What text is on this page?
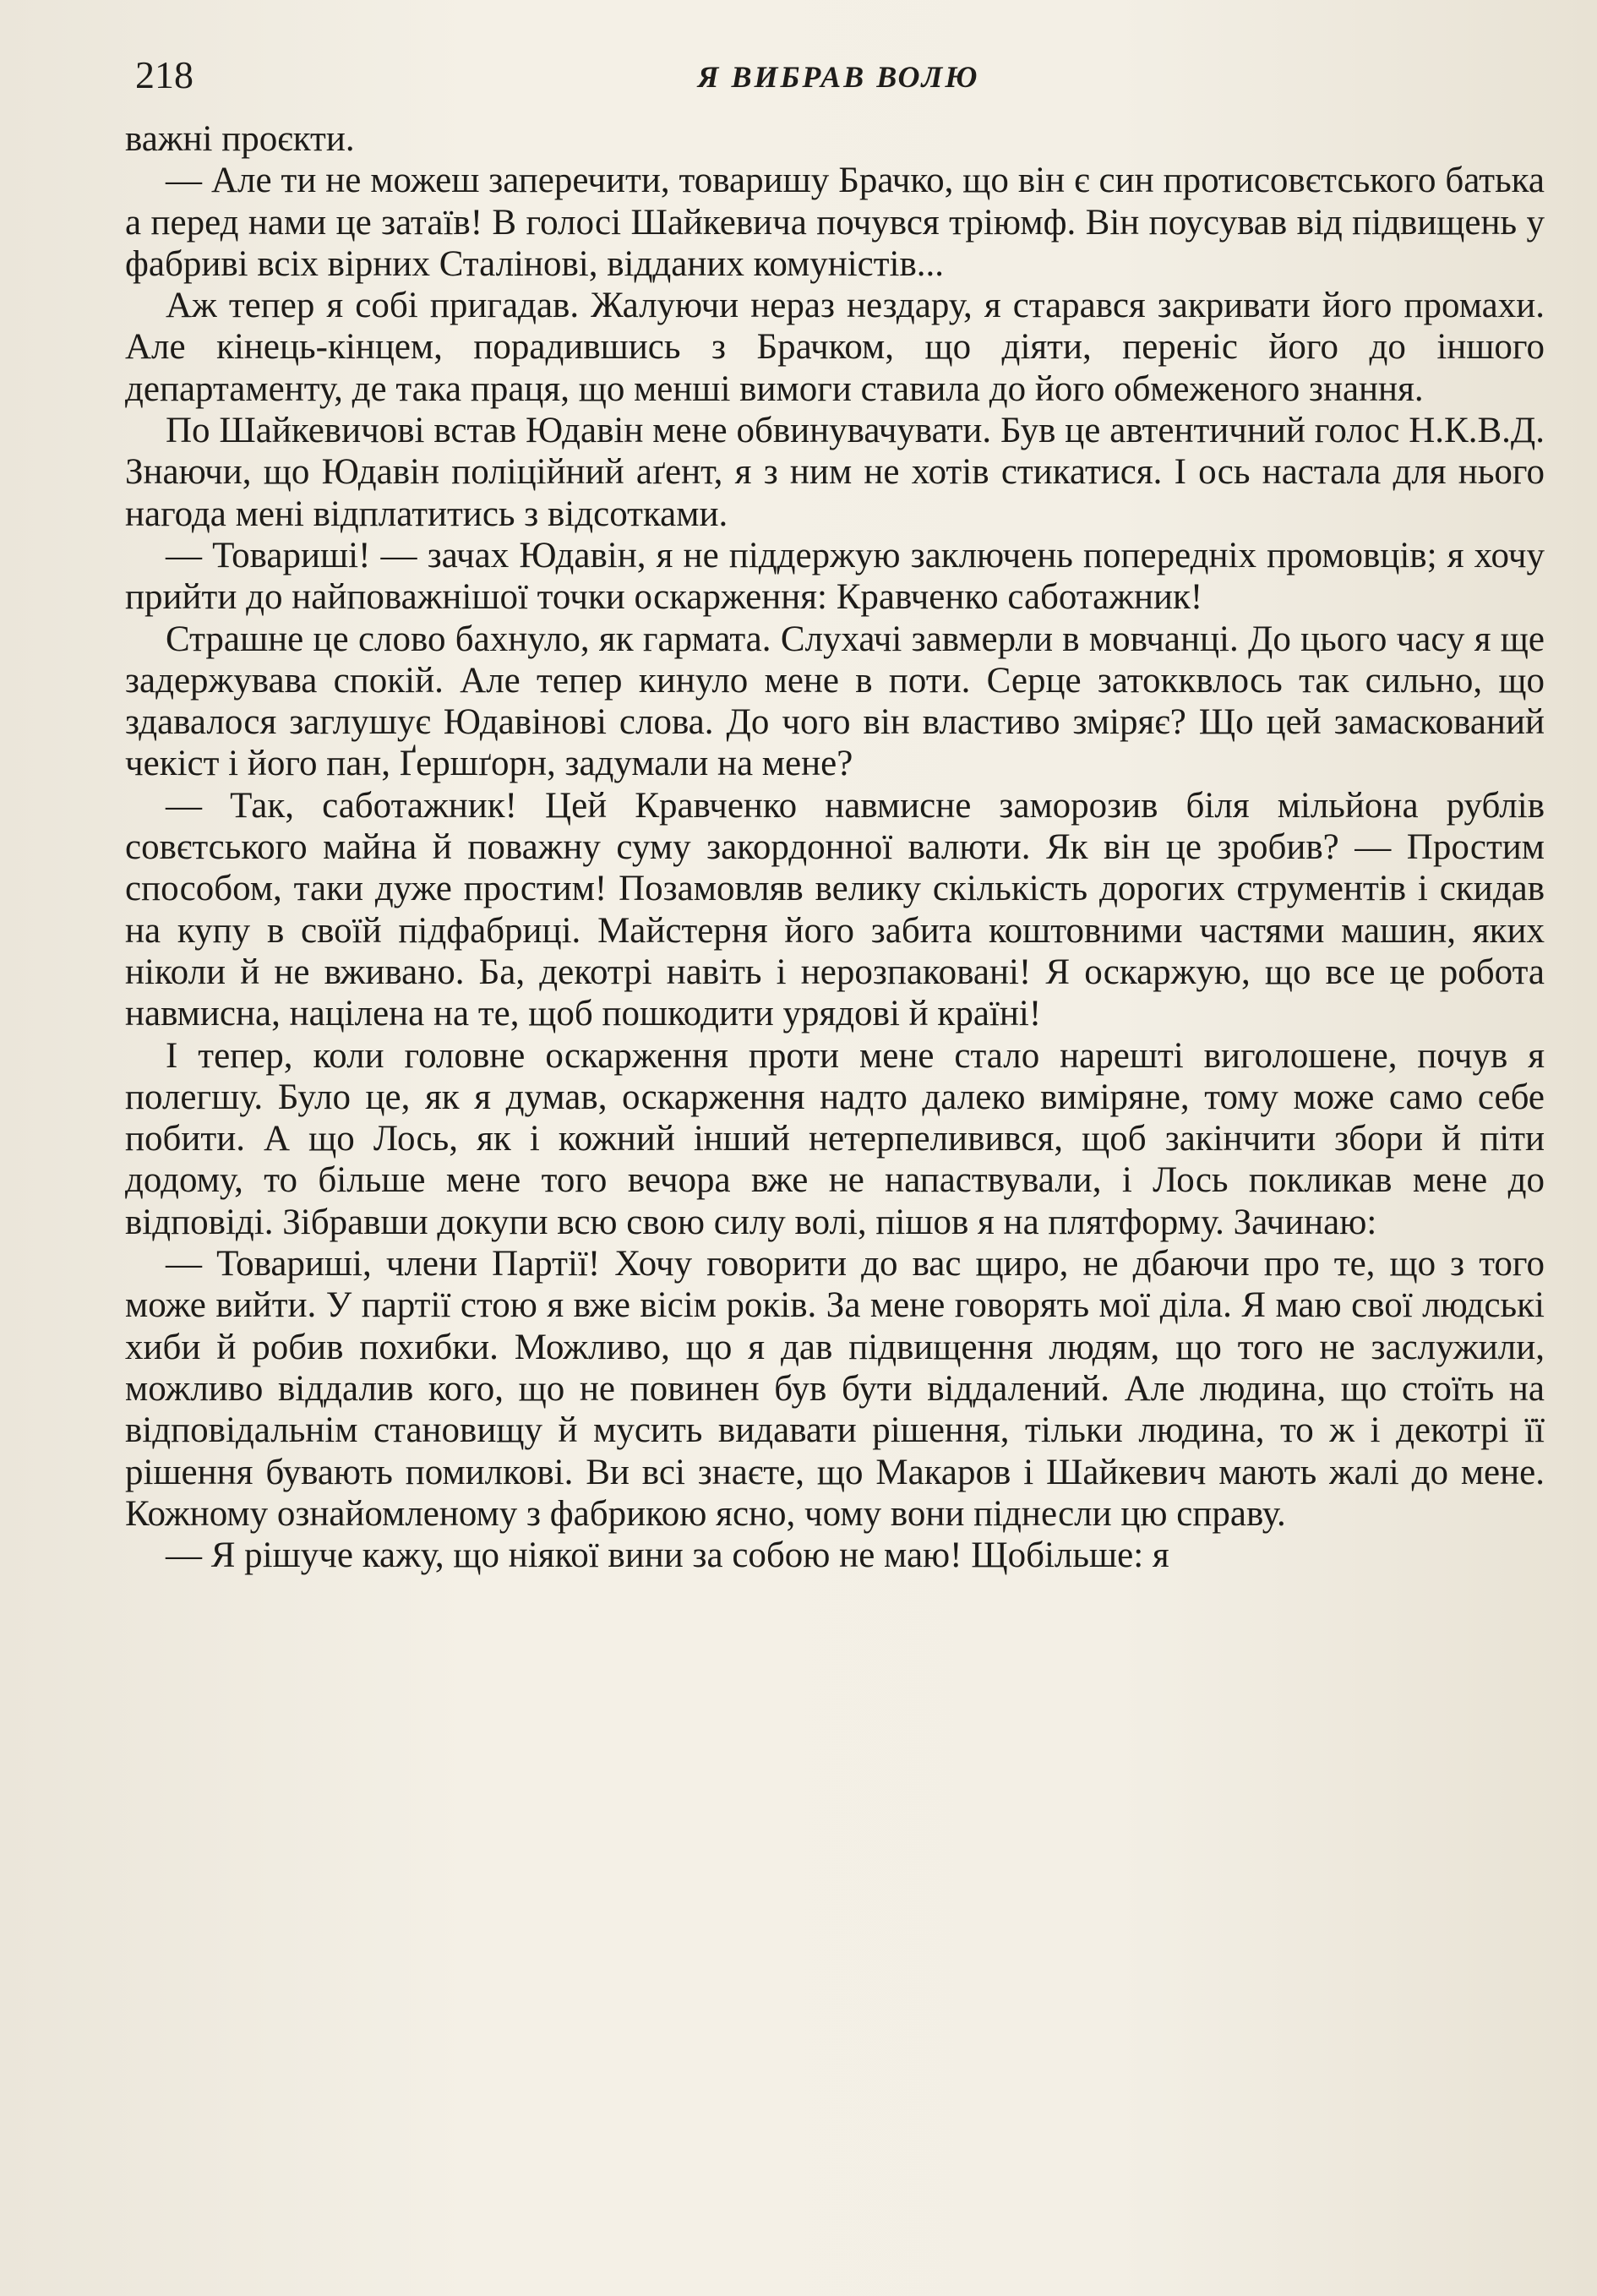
218	Я ВИБРАВ ВОЛЮ

важні проєкти.

— Але ти не можеш заперечити, товаришу Брачко, що він є син протисовєтського батька а перед нами це затаїв! В голосі Шайкевича почувся тріюмф. Він поусував від підвищень у фабриві всіх вірних Сталінові, відданих комуністів...

Аж тепер я собі пригадав. Жалуючи нераз нездару, я старався закривати його промахи. Але кінець-кінцем, порадившись з Брачком, що діяти, переніс його до іншого департаменту, де така праця, що менші вимоги ставила до його обмеженого знання.

По Шайкевичові встав Юдавін мене обвинувачувати. Був це автентичний голос Н.К.В.Д. Знаючи, що Юдавін поліційний аґент, я з ним не хотів стикатися. І ось настала для нього нагода мені відплатитись з відсотками.

— Товариші! — зачах Юдавін, я не піддержую заключень попередніх промовців; я хочу прийти до найповажнішої точки оскарження: Кравченко саботажник!

Страшне це слово бахнуло, як гармата. Слухачі завмерли в мовчанці. До цього часу я ще задержувава спокій. Але тепер кинуло мене в поти. Серце затокквлось так сильно, що здавалося заглушує Юдавінові слова. До чого він властиво зміряє? Що цей замаскований чекіст і його пан, Ґершґорн, задумали на мене?

— Так, саботажник! Цей Кравченко навмисне заморозив біля мільйона рублів совєтського майна й поважну суму закордонної валюти. Як він це зробив? — Простим способом, таки дуже простим! Позамовляв велику скількість дорогих струментів і скидав на купу в своїй підфабриці. Майстерня його забита коштовними частями машин, яких ніколи й не вживано. Ба, декотрі навіть і нерозпаковані! Я оскаржую, що все це робота навмисна, націлена на те, щоб пошкодити урядові й країні!

І тепер, коли головне оскарження проти мене стало нарешті виголошене, почув я полегшу. Було це, як я думав, оскарження надто далеко виміряне, тому може само себе побити. А що Лось, як і кожний інший нетерпеливився, щоб закінчити збори й піти додому, то більше мене того вечора вже не напаствували, і Лось покликав мене до відповіді. Зібравши докупи всю свою силу волі, пішов я на плятформу. Зачинаю:

— Товариші, члени Партії! Хочу говорити до вас щиро, не дбаючи про те, що з того може вийти. У партії стою я вже вісім років. За мене говорять мої діла. Я маю свої людські хиби й робив похибки. Можливо, що я дав підвищення людям, що того не заслужили, можливо віддалив кого, що не повинен був бути віддалений. Але людина, що стоїть на відповідальнім становищу й мусить видавати рішення, тільки людина, то ж і декотрі її рішення бувають помилкові. Ви всі знаєте, що Макаров і Шайкевич мають жалі до мене. Кожному ознайомленому з фабрикою ясно, чому вони піднесли цю справу.

— Я рішуче кажу, що ніякої вини за собою не маю! Щобільше: я
